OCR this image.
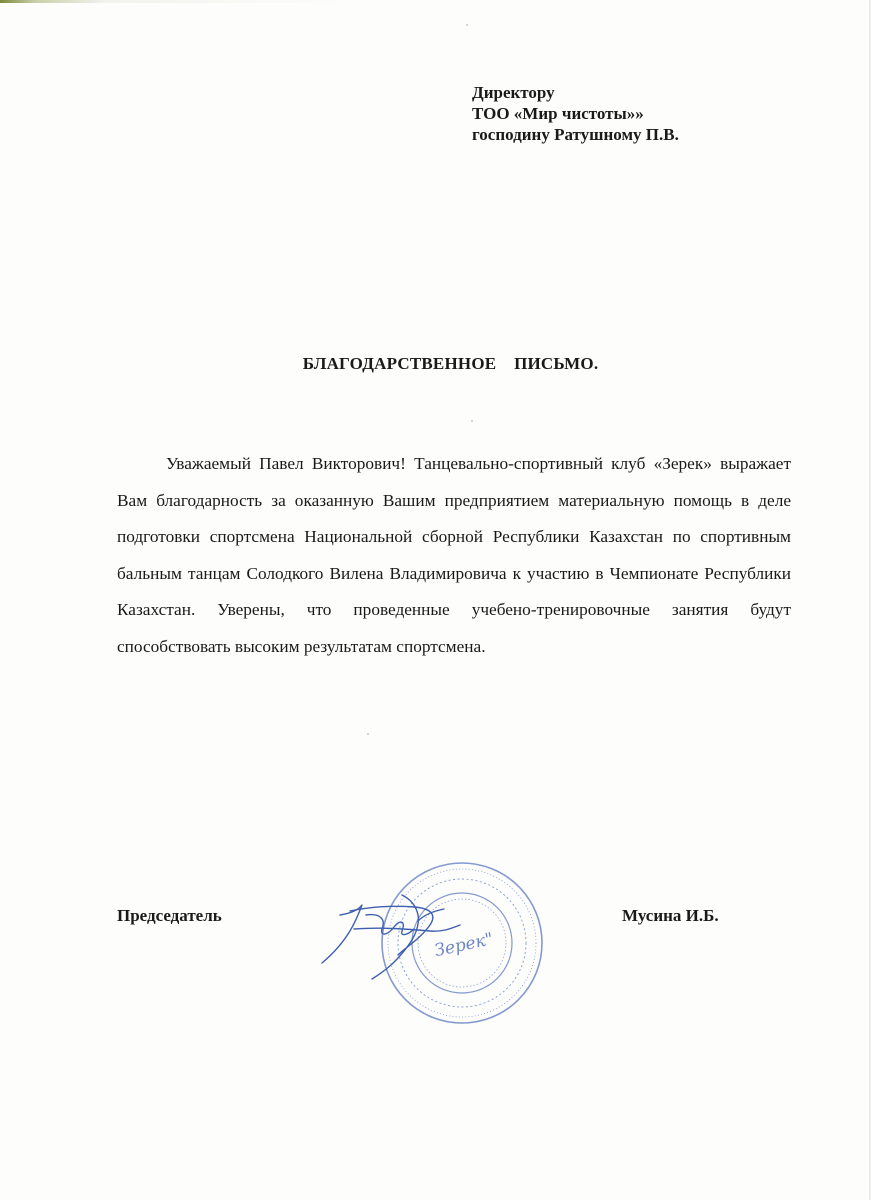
Директору
ТОО «Мир чистоты»»
господину Ратушному П.В.
БЛАГОДАРСТВЕННОЕ    ПИСЬМО.

Уважаемый Павел Викторович! Танцевально-спортивный клуб «Зерек» выражает Вам благодарность за оказанную Вашим предприятием материальную помощь в деле подготовки спортсмена Национальной сборной Республики Казахстан по спортивным бальным танцам Солодкого Вилена Владимировича к участию в Чемпионате Республики Казахстан. Уверены, что проведенные учебено-тренировочные занятия будут способствовать высоким результатам спортсмена.

Председатель
Зерек"
Мусина И.Б.
